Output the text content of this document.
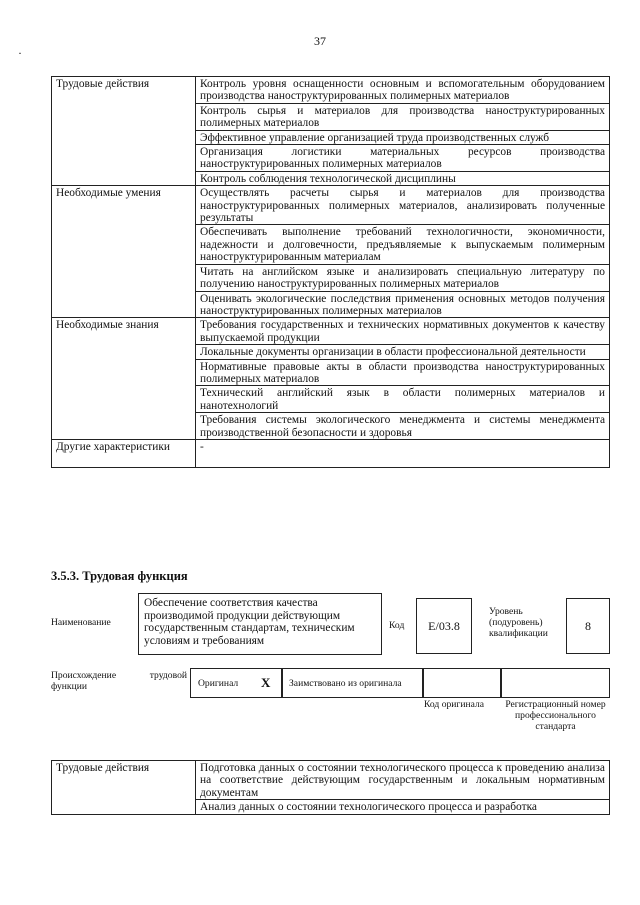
37
·
Трудовые действия	Контроль уровня оснащенности основным и вспомогательным оборудованием производства наноструктурированных полимерных материалов
	Контроль сырья и материалов для производства наноструктурированных полимерных материалов
	Эффективное управление организацией труда производственных служб
	Организация логистики материальных ресурсов производства наноструктурированных полимерных материалов
	Контроль соблюдения технологической дисциплины
Необходимые умения	Осуществлять расчеты сырья и материалов для производства наноструктурированных полимерных материалов, анализировать полученные результаты
	Обеспечивать выполнение требований технологичности, экономичности, надежности и долговечности, предъявляемые к выпускаемым полимерным наноструктурированным материалам
	Читать на английском языке и анализировать специальную литературу по получению наноструктурированных полимерных материалов
	Оценивать экологические последствия применения основных методов получения наноструктурированных полимерных материалов
Необходимые знания	Требования государственных и технических нормативных документов к качеству выпускаемой продукции
	Локальные документы организации в области профессиональной деятельности
	Нормативные правовые акты в области производства наноструктурированных полимерных материалов
	Технический английский язык в области полимерных материалов и нанотехнологий
	Требования системы экологического менеджмента и системы менеджмента производственной безопасности и здоровья
Другие характеристики	-
3.5.3. Трудовая функция
Наименование
Обеспечение соответствия качества производимой продукции действующим государственным стандартам, техническим условиям и требованиям
Код	E/03.8
Уровень (подуровень) квалификации
8
Происхождение трудовой функции	Оригинал X Заимствовано из оригинала
Код оригинала	Регистрационный номер профессионального стандарта
Трудовые действия	Подготовка данных о состоянии технологического процесса к проведению анализа на соответствие действующим государственным и локальным нормативным документам
Анализ данных о состоянии технологического процесса и разработка
